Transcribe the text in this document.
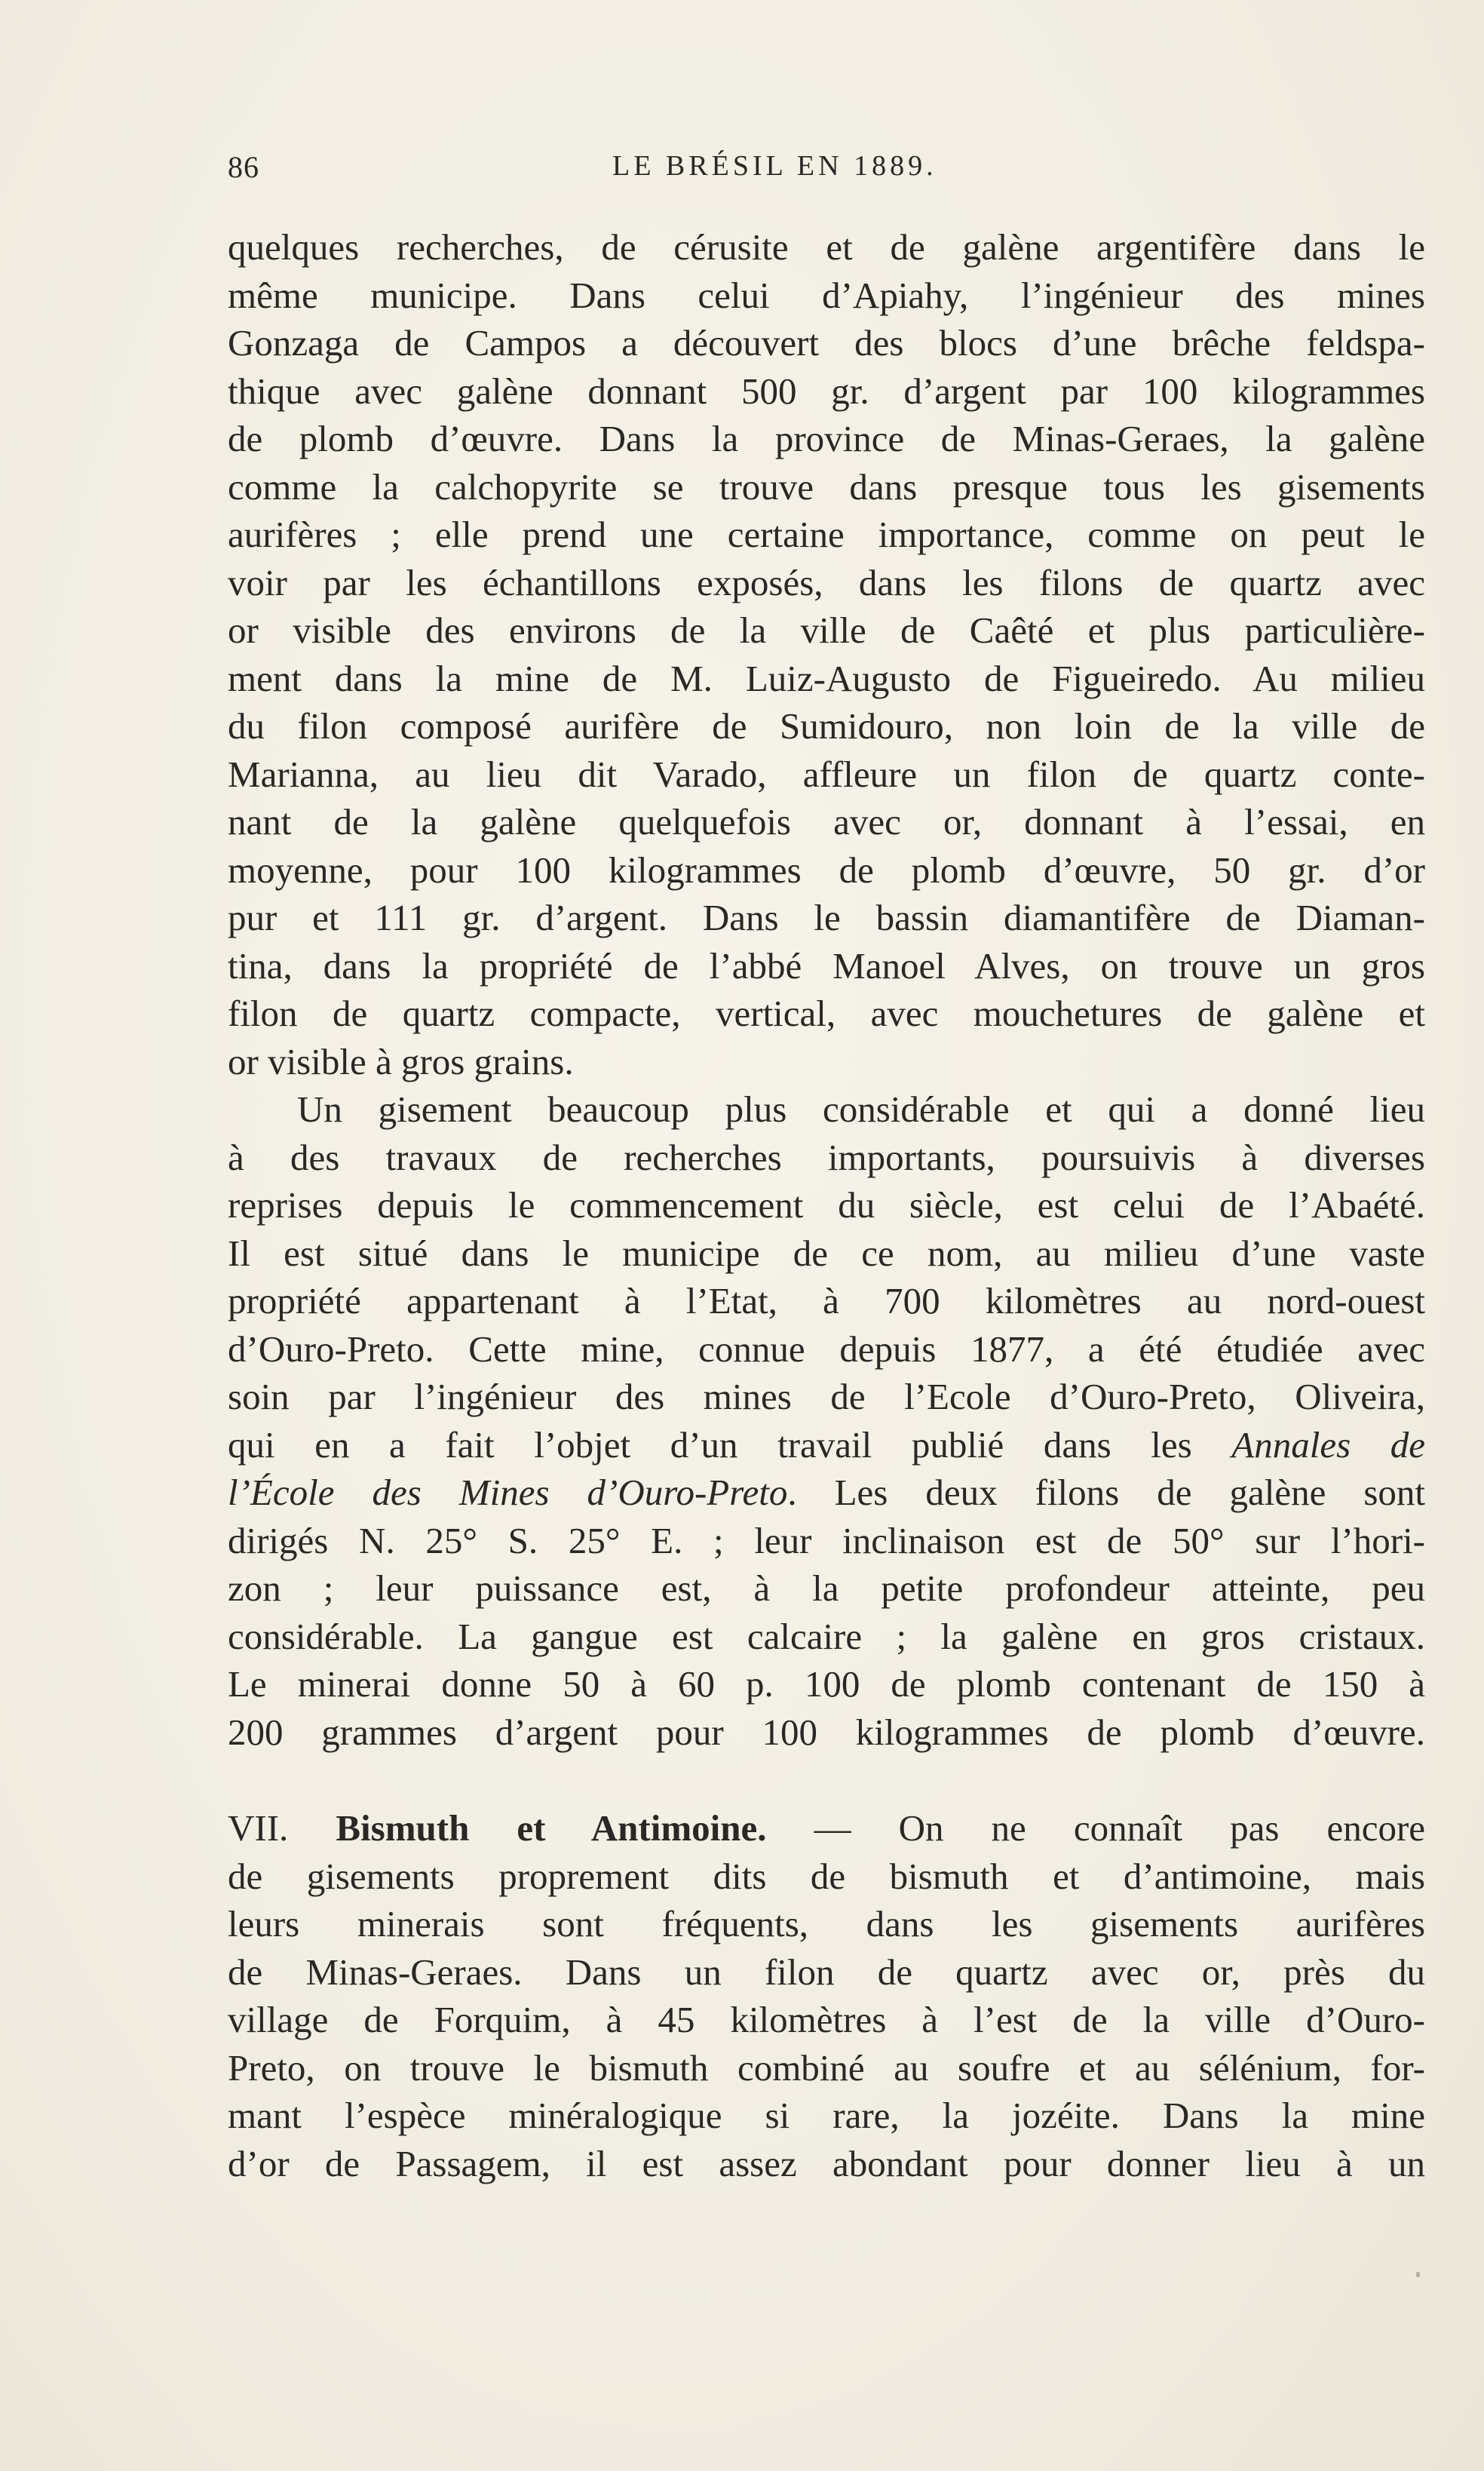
86	LE BRÉSIL EN 1889.
quelques recherches, de cérusite et de galène argentifère dans le
même municipe. Dans celui d’Apiahy, l’ingénieur des mines
Gonzaga de Campos a découvert des blocs d’une brêche feldspa-
thique avec galène donnant 500 gr. d’argent par 100 kilogrammes
de plomb d’œuvre. Dans la province de Minas-Geraes, la galène
comme la calchopyrite se trouve dans presque tous les gisements
aurifères ; elle prend une certaine importance, comme on peut le
voir par les échantillons exposés, dans les filons de quartz avec
or visible des environs de la ville de Caêté et plus particulière-
ment dans la mine de M. Luiz-Augusto de Figueiredo. Au milieu
du filon composé aurifère de Sumidouro, non loin de la ville de
Marianna, au lieu dit Varado, affleure un filon de quartz conte-
nant de la galène quelquefois avec or, donnant à l’essai, en
moyenne, pour 100 kilogrammes de plomb d’œuvre, 50 gr. d’or
pur et 111 gr. d’argent. Dans le bassin diamantifère de Diaman-
tina, dans la propriété de l’abbé Manoel Alves, on trouve un gros
filon de quartz compacte, vertical, avec mouchetures de galène et
or visible à gros grains.
Un gisement beaucoup plus considérable et qui a donné lieu
à des travaux de recherches importants, poursuivis à diverses
reprises depuis le commencement du siècle, est celui de l’Abaété.
Il est situé dans le municipe de ce nom, au milieu d’une vaste
propriété appartenant à l’Etat, à 700 kilomètres au nord-ouest
d’Ouro-Preto. Cette mine, connue depuis 1877, a été étudiée avec
soin par l’ingénieur des mines de l’Ecole d’Ouro-Preto, Oliveira,
qui en a fait l’objet d’un travail publié dans les Annales de
l’École des Mines d’Ouro-Preto. Les deux filons de galène sont
dirigés N. 25° S. 25° E. ; leur inclinaison est de 50° sur l’hori-
zon ; leur puissance est, à la petite profondeur atteinte, peu
considérable. La gangue est calcaire ; la galène en gros cristaux.
Le minerai donne 50 à 60 p. 100 de plomb contenant de 150 à
200 grammes d’argent pour 100 kilogrammes de plomb d’œuvre.
VII. Bismuth et Antimoine. — On ne connaît pas encore
de gisements proprement dits de bismuth et d’antimoine, mais
leurs minerais sont fréquents, dans les gisements aurifères
de Minas-Geraes. Dans un filon de quartz avec or, près du
village de Forquim, à 45 kilomètres à l’est de la ville d’Ouro-
Preto, on trouve le bismuth combiné au soufre et au sélénium, for-
mant l’espèce minéralogique si rare, la jozéite. Dans la mine
d’or de Passagem, il est assez abondant pour donner lieu à un
